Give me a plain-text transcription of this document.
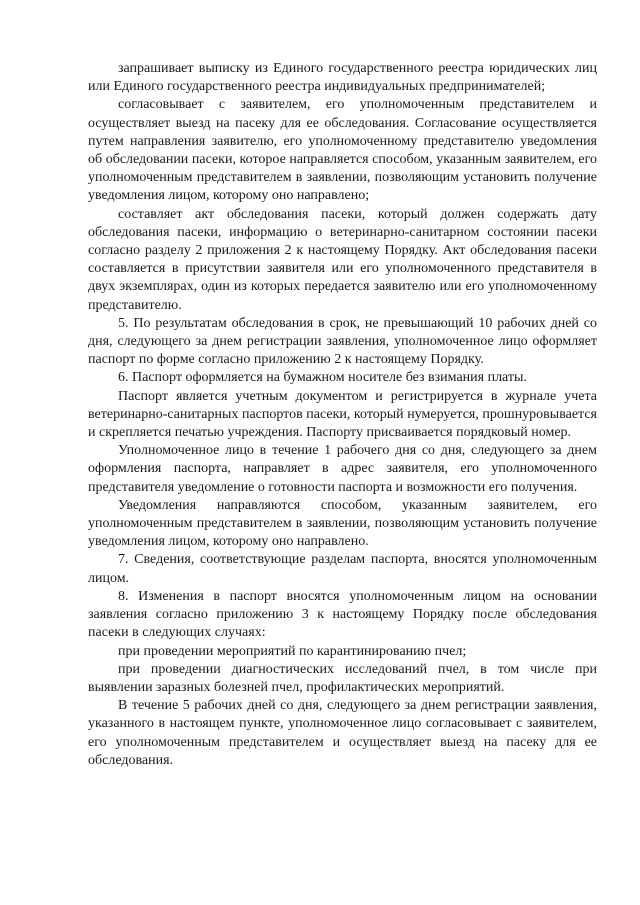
запрашивает выписку из Единого государственного реестра юридических лиц или Единого государственного реестра индивидуальных предпринимателей;

согласовывает с заявителем, его уполномоченным представителем и осуществляет выезд на пасеку для ее обследования. Согласование осуществляется путем направления заявителю, его уполномоченному представителю уведомления об обследовании пасеки, которое направляется способом, указанным заявителем, его уполномоченным представителем в заявлении, позволяющим установить получение уведомления лицом, которому оно направлено;

составляет акт обследования пасеки, который должен содержать дату обследования пасеки, информацию о ветеринарно-санитарном состоянии пасеки согласно разделу 2 приложения 2 к настоящему Порядку. Акт обследования пасеки составляется в присутствии заявителя или его уполномоченного представителя в двух экземплярах, один из которых передается заявителю или его уполномоченному представителю.

5. По результатам обследования в срок, не превышающий 10 рабочих дней со дня, следующего за днем регистрации заявления, уполномоченное лицо оформляет паспорт по форме согласно приложению 2 к настоящему Порядку.

6. Паспорт оформляется на бумажном носителе без взимания платы.

Паспорт является учетным документом и регистрируется в журнале учета ветеринарно-санитарных паспортов пасеки, который нумеруется, прошнуровывается и скрепляется печатью учреждения. Паспорту присваивается порядковый номер.

Уполномоченное лицо в течение 1 рабочего дня со дня, следующего за днем оформления паспорта, направляет в адрес заявителя, его уполномоченного представителя уведомление о готовности паспорта и возможности его получения.

Уведомления направляются способом, указанным заявителем, его уполномоченным представителем в заявлении, позволяющим установить получение уведомления лицом, которому оно направлено.

7. Сведения, соответствующие разделам паспорта, вносятся уполномоченным лицом.

8. Изменения в паспорт вносятся уполномоченным лицом на основании заявления согласно приложению 3 к настоящему Порядку после обследования пасеки в следующих случаях:

при проведении мероприятий по карантинированию пчел;

при проведении диагностических исследований пчел, в том числе при выявлении заразных болезней пчел, профилактических мероприятий.

В течение 5 рабочих дней со дня, следующего за днем регистрации заявления, указанного в настоящем пункте, уполномоченное лицо согласовывает с заявителем, его уполномоченным представителем и осуществляет выезд на пасеку для ее обследования.
